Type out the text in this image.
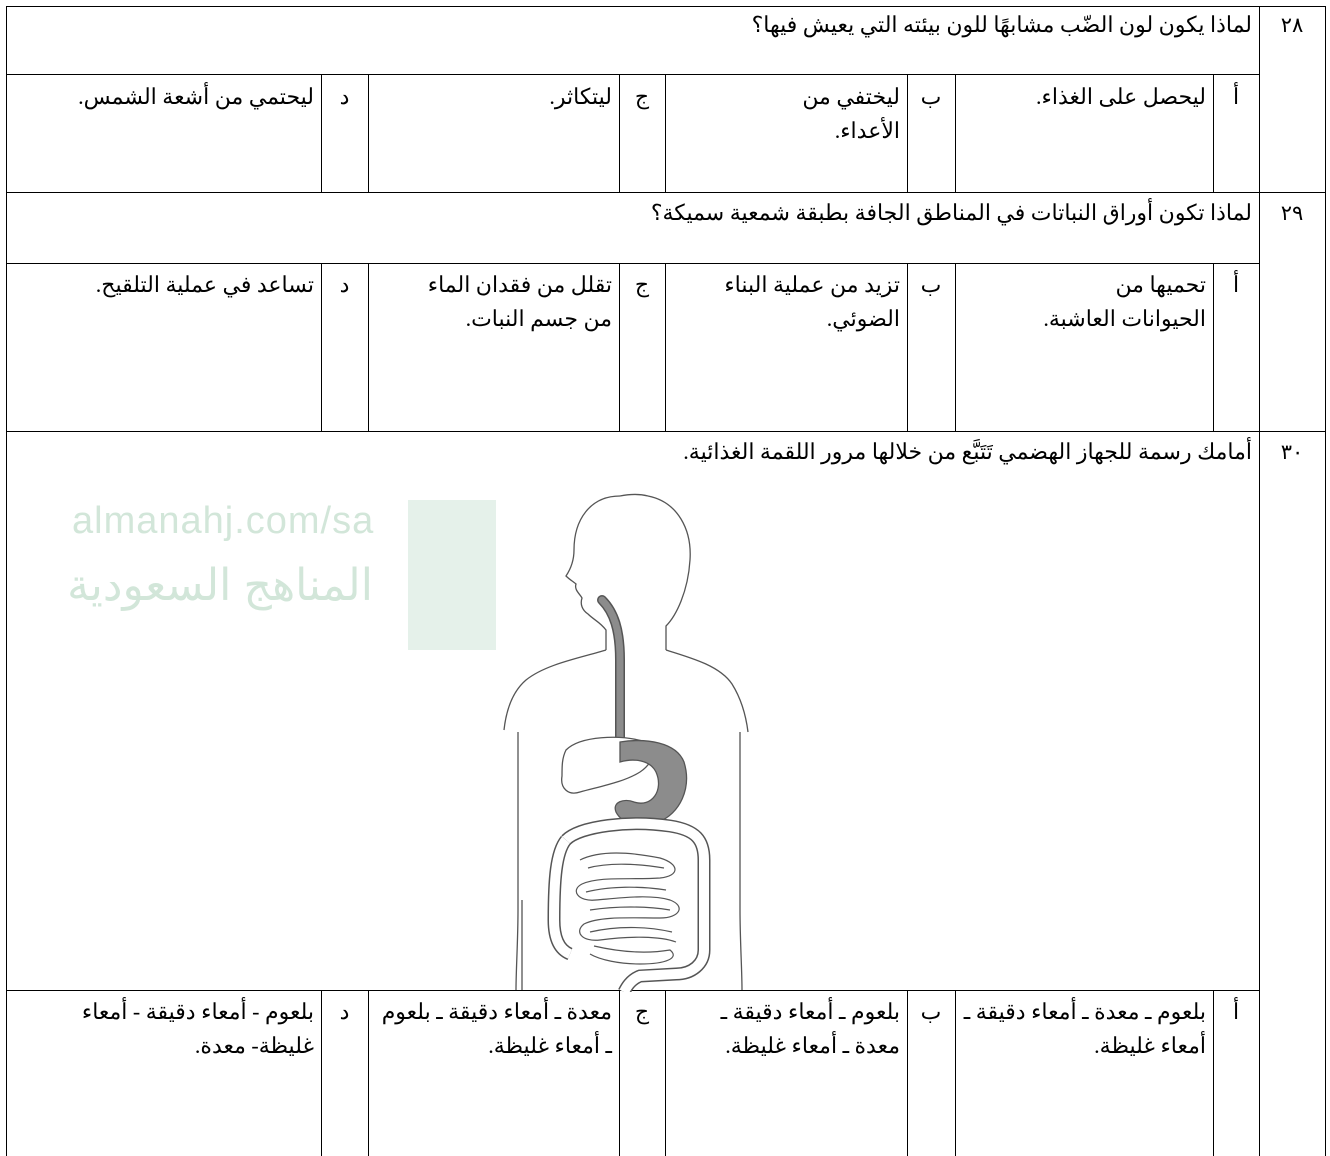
almanahj.com/sa
المناهج السعودية
٢٨
لماذا يكون لون الضّب مشابهًا للون بيئته التي يعيش فيها؟
أ
ليحصل على الغذاء.
ب
ليختفي من الأعداء.
ج
ليتكاثر.
د
ليحتمي من أشعة الشمس.
٢٩
لماذا تكون أوراق النباتات في المناطق الجافة بطبقة شمعية سميكة؟
أ
تحميها من الحيوانات العاشبة.
ب
تزيد من عملية البناء الضوئي.
ج
تقلل من فقدان الماء من جسم النبات.
د
تساعد في عملية التلقيح.
٣٠
أمامك رسمة للجهاز الهضمي تَتَبَّع من خلالها مرور اللقمة الغذائية.
أ
بلعوم ـ معدة ـ أمعاء دقيقة ـ أمعاء غليظة.
ب
بلعوم ـ أمعاء دقيقة ـ معدة ـ أمعاء غليظة.
ج
معدة ـ أمعاء دقيقة ـ بلعوم ـ أمعاء غليظة.
د
بلعوم - أمعاء دقيقة - أمعاء غليظة- معدة.
